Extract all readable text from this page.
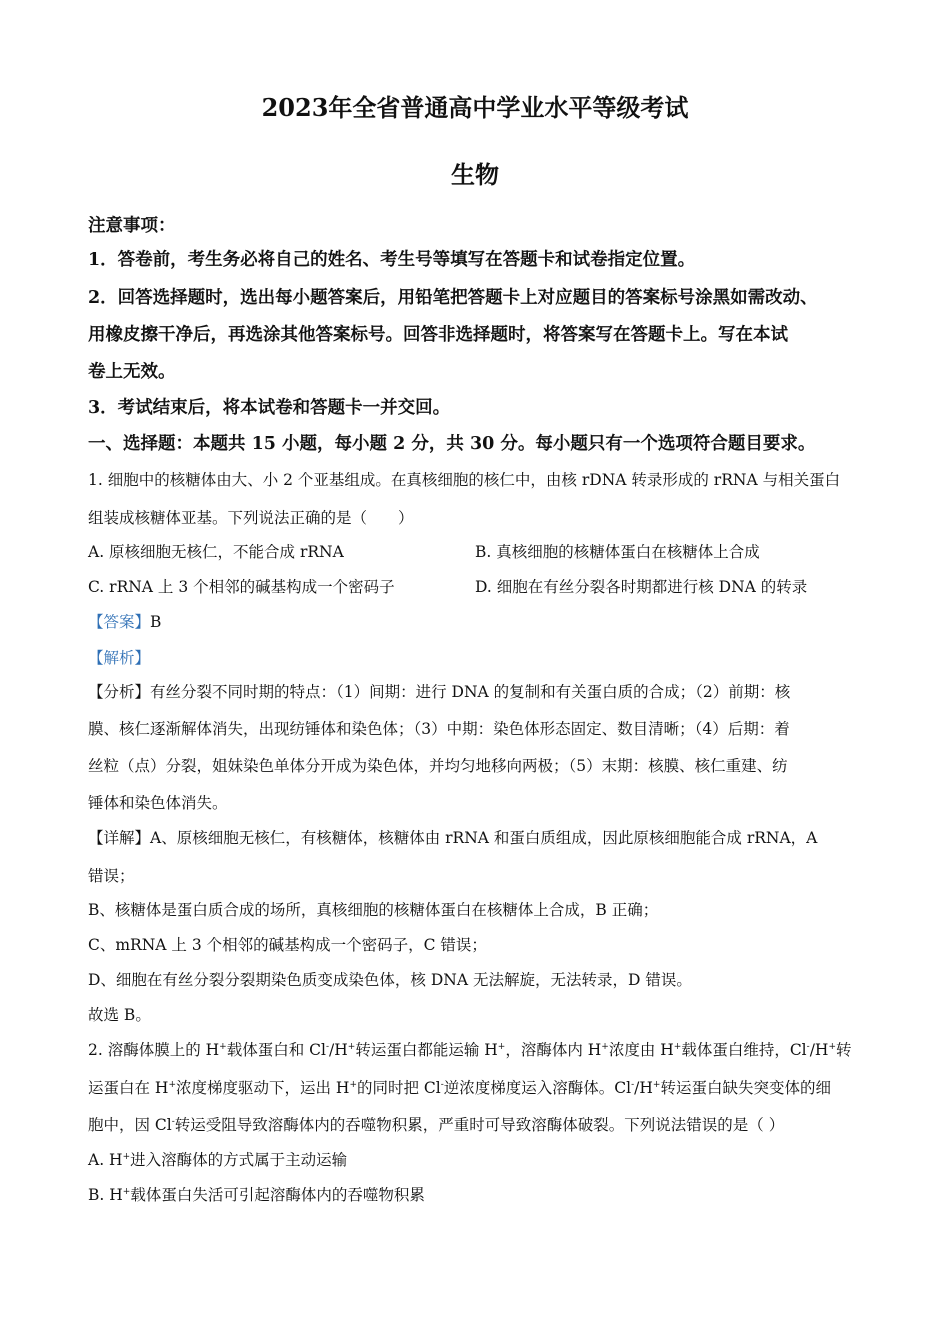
2023年全省普通高中学业水平等级考试
生物
注意事项：
1．答卷前，考生务必将自己的姓名、考生号等填写在答题卡和试卷指定位置。
2．回答选择题时，选出每小题答案后，用铅笔把答题卡上对应题目的答案标号涂黑如需改动、
用橡皮擦干净后，再选涂其他答案标号。回答非选择题时，将答案写在答题卡上。写在本试
卷上无效。
3．考试结束后，将本试卷和答题卡一并交回。
一、选择题：本题共 15 小题，每小题 2 分，共 30 分。每小题只有一个选项符合题目要求。
1. 细胞中的核糖体由大、小 2 个亚基组成。在真核细胞的核仁中，由核 rDNA 转录形成的 rRNA 与相关蛋白
组装成核糖体亚基。下列说法正确的是（　　）
A. 原核细胞无核仁，不能合成 rRNA	B. 真核细胞的核糖体蛋白在核糖体上合成
C. rRNA 上 3 个相邻的碱基构成一个密码子	D. 细胞在有丝分裂各时期都进行核 DNA 的转录
【答案】B
【解析】
【分析】有丝分裂不同时期的特点：（1）间期：进行 DNA 的复制和有关蛋白质的合成；（2）前期：核
膜、核仁逐渐解体消失，出现纺锤体和染色体；（3）中期：染色体形态固定、数目清晰；（4）后期：着
丝粒（点）分裂，姐妹染色单体分开成为染色体，并均匀地移向两极；（5）末期：核膜、核仁重建、纺
锤体和染色体消失。
【详解】A、原核细胞无核仁，有核糖体，核糖体由 rRNA 和蛋白质组成，因此原核细胞能合成 rRNA，A
错误；
B、核糖体是蛋白质合成的场所，真核细胞的核糖体蛋白在核糖体上合成，B 正确；
C、mRNA 上 3 个相邻的碱基构成一个密码子，C 错误；
D、细胞在有丝分裂分裂期染色质变成染色体，核 DNA 无法解旋，无法转录，D 错误。
故选 B。
2. 溶酶体膜上的 H+载体蛋白和 Cl-/H+转运蛋白都能运输 H+，溶酶体内 H+浓度由 H+载体蛋白维持，Cl-/H+转
运蛋白在 H+浓度梯度驱动下，运出 H+的同时把 Cl-逆浓度梯度运入溶酶体。Cl-/H+转运蛋白缺失突变体的细
胞中，因 Cl-转运受阻导致溶酶体内的吞噬物积累，严重时可导致溶酶体破裂。下列说法错误的是（ ）
A. H+进入溶酶体的方式属于主动运输
B. H+载体蛋白失活可引起溶酶体内的吞噬物积累
